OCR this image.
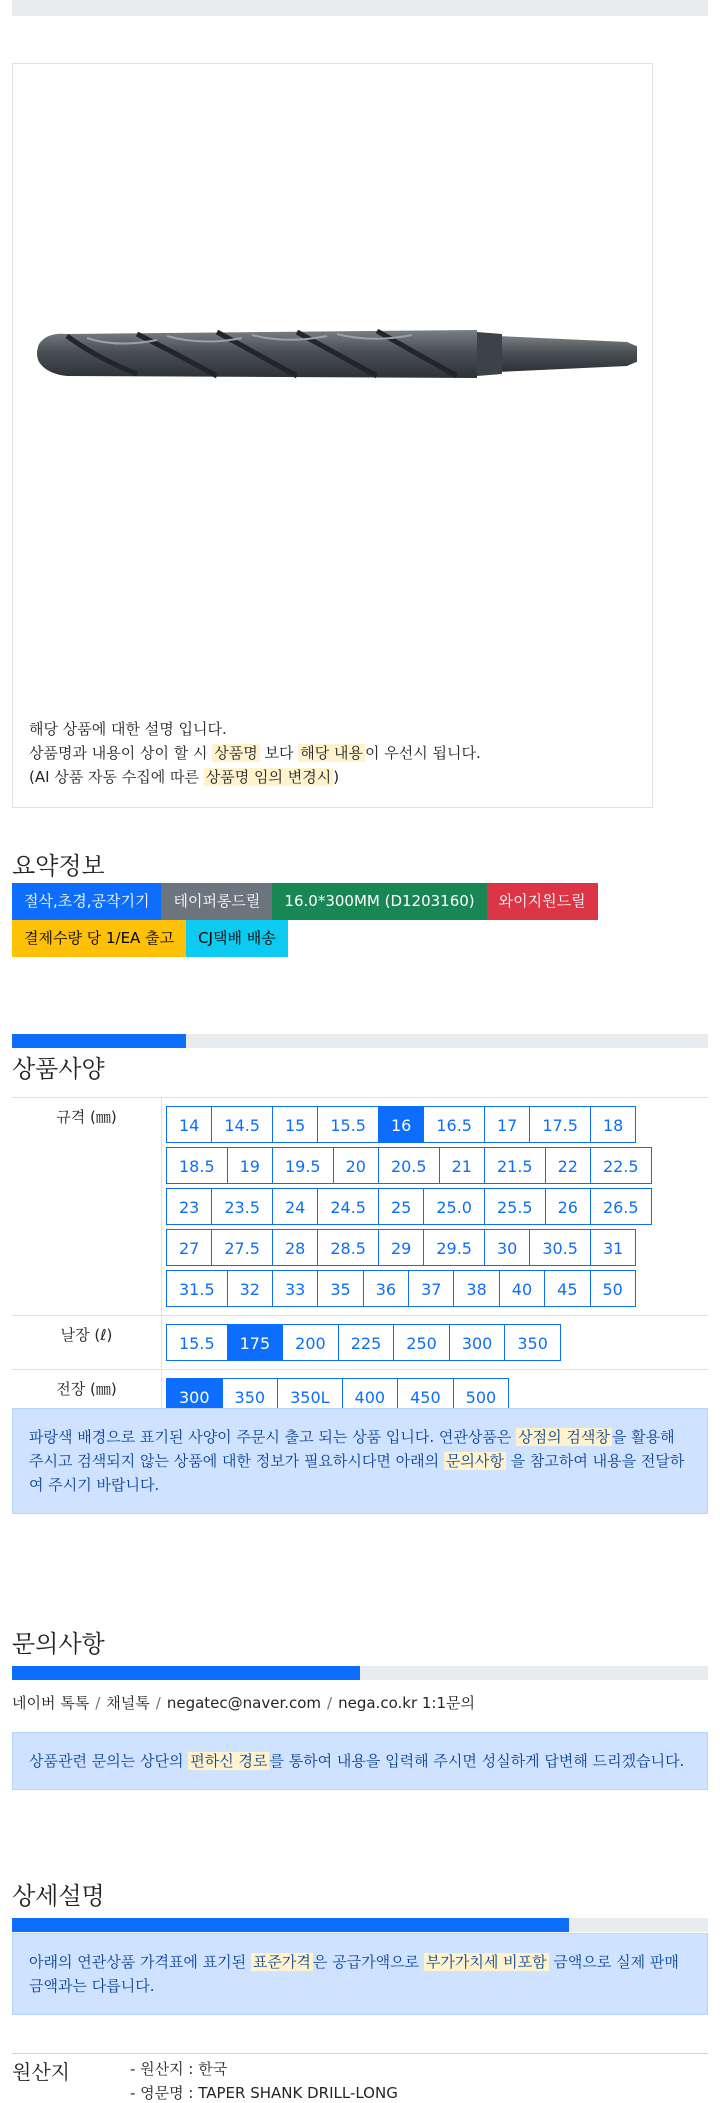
해당 상품에 대한 설명 입니다.
상품명과 내용이 상이 할 시 상품명 보다 해당 내용 이 우선시 됩니다.
(AI 상품 자동 수집에 따른 상품명 임의 변경시 )
요약정보
절삭,초경,공작기기	테이퍼롱드릴	16.0*300MM (D1203160)	와이지원드릴
결제수량 당 1/EA 출고	CJ택배 배송
상품사양
규격 (㎜)	14	14.5	15	15.5	16	16.5	17	17.5	18
18.5	19	19.5	20	20.5	21	21.5	22	22.5
23	23.5	24	24.5	25	25.0	25.5	26	26.5
27	27.5	28	28.5	29	29.5	30	30.5	31
31.5	32	33	35	36	37	38	40	45	50
날장 (ℓ)	15.5	175	200	225	250	300	350
전장 (㎜)	300	350	350L	400	450	500
파랑색 배경으로 표기된 사양이 주문시 출고 되는 상품 입니다. 연관상품은 상점의 검색창 을 활용해 주시고 검색되지 않는 상품에 대한 정보가 필요하시다면 아래의 문의사항 을 참고하여 내용을 전달하여 주시기 바랍니다.
문의사항
네이버 톡톡 / 채널톡 / negatec@naver.com / nega.co.kr 1:1문의
상품관련 문의는 상단의 편하신 경로 를 통하여 내용을 입력해 주시면 성실하게 답변해 드리겠습니다.
상세설명
아래의 연관상품 가격표에 표기된 표준가격 은 공급가액으로 부가가치세 비포함 금액으로 실제 판매금액과는 다릅니다.
원산지	- 원산지 : 한국
- 영문명 : TAPER SHANK DRILL-LONG
